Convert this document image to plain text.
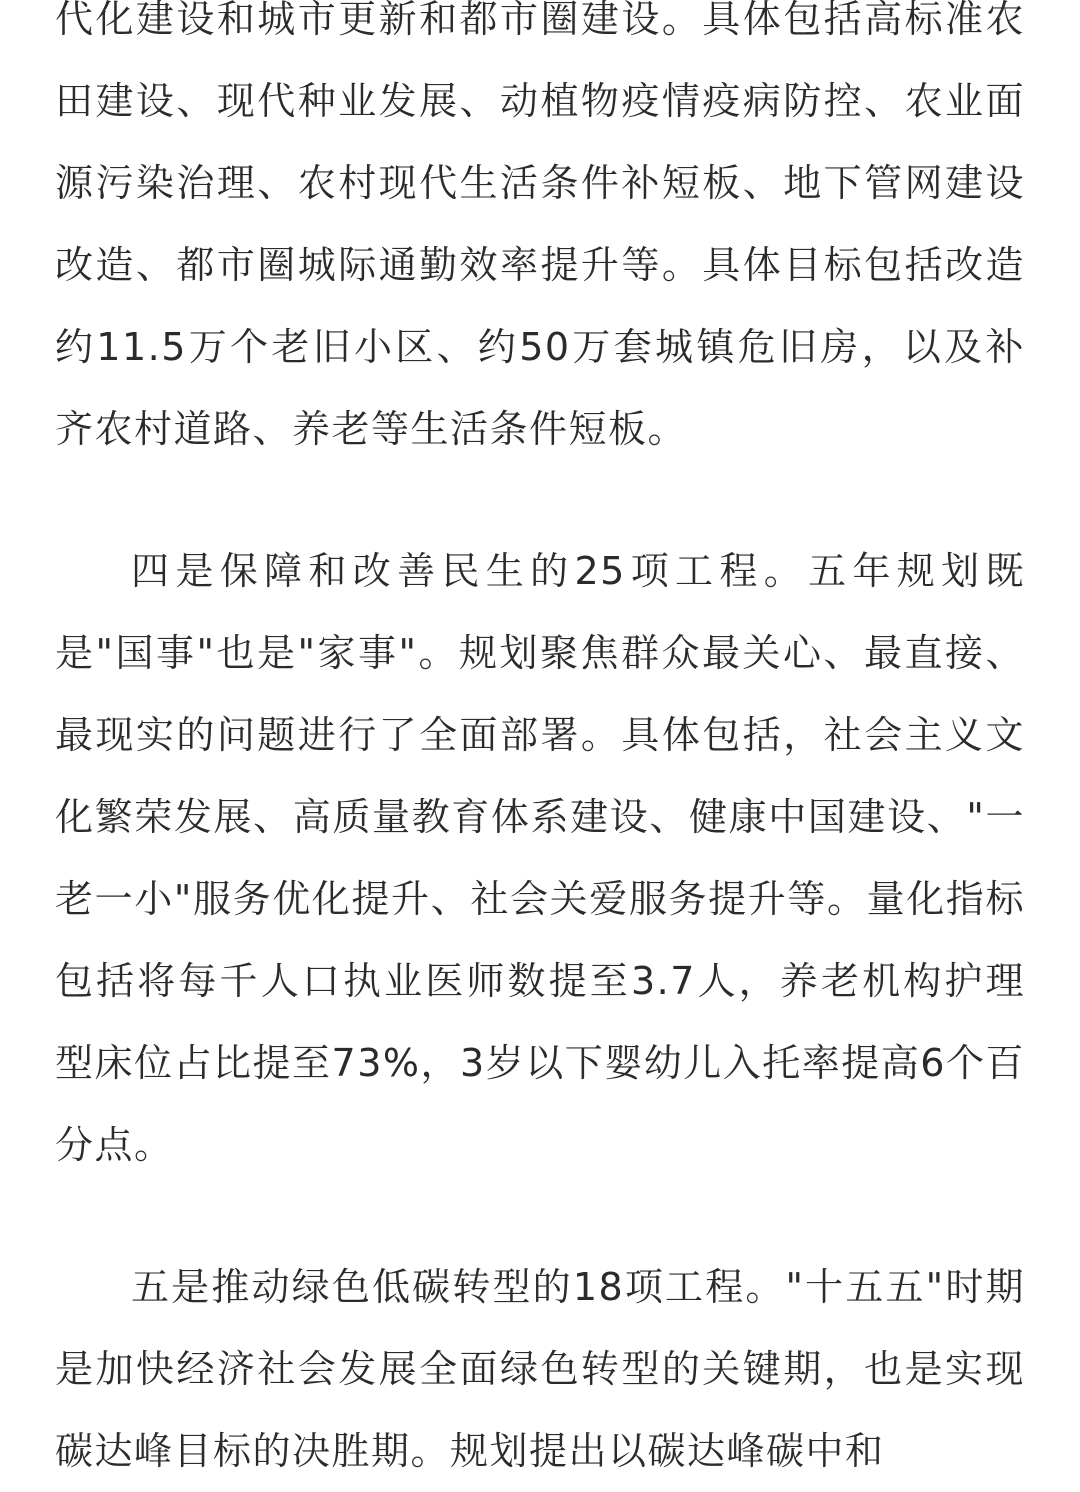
代化建设和城市更新和都市圈建设。具体包括高标准农田建设、现代种业发展、动植物疫情疫病防控、农业面源污染治理、农村现代生活条件补短板、地下管网建设改造、都市圈城际通勤效率提升等。具体目标包括改造约11.5万个老旧小区、约50万套城镇危旧房，以及补齐农村道路、养老等生活条件短板。

四是保障和改善民生的25项工程。五年规划既是"国事"也是"家事"。规划聚焦群众最关心、最直接、最现实的问题进行了全面部署。具体包括，社会主义文化繁荣发展、高质量教育体系建设、健康中国建设、"一老一小"服务优化提升、社会关爱服务提升等。量化指标包括将每千人口执业医师数提至3.7人，养老机构护理型床位占比提至73%，3岁以下婴幼儿入托率提高6个百分点。

五是推动绿色低碳转型的18项工程。"十五五"时期是加快经济社会发展全面绿色转型的关键期，也是实现碳达峰目标的决胜期。规划提出以碳达峰碳中和
